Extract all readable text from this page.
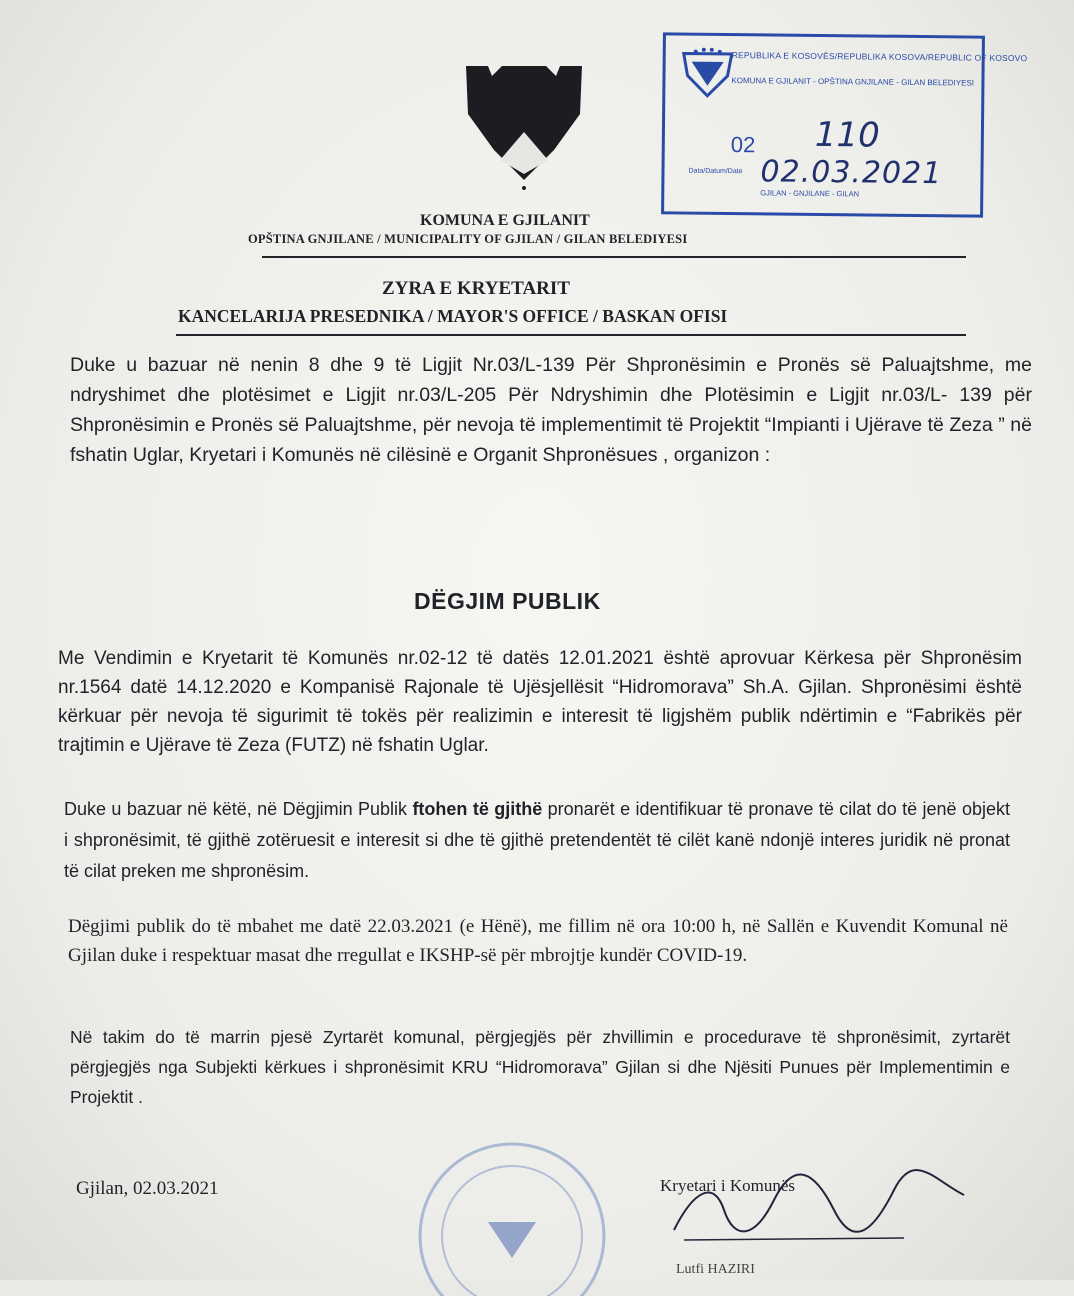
REPUBLIKA E KOSOVËS/REPUBLIKA KOSOVA/REPUBLIC OF KOSOVO
KOMUNA E GJILANIT - OPŠTINA GNJILANE - GILAN BELEDIYESI
02 110
Data/Datum/Date 02.03.2021
GJILAN - GNJILANE - GILAN
KOMUNA E GJILANIT
OPŠTINA GNJILANE / MUNICIPALITY OF GJILAN / GILAN BELEDIYESI
ZYRA E KRYETARIT
KANCELARIJA PRESEDNIKA / MAYOR'S OFFICE / BASKAN OFISI
Duke u bazuar në nenin 8 dhe 9 të Ligjit Nr.03/L-139 Për Shpronësimin e Pronës së Paluajtshme, me ndryshimet dhe plotësimet e Ligjit nr.03/L-205 Për Ndryshimin dhe Plotësimin e Ligjit nr.03/L- 139 për Shpronësimin e Pronës së Paluajtshme, për nevoja të implementimit të Projektit “Impianti i Ujërave të Zeza ” në fshatin Uglar, Kryetari i Komunës në cilësinë e Organit Shpronësues , organizon :
DËGJIM PUBLIK
Me Vendimin e Kryetarit të Komunës nr.02-12 të datës 12.01.2021 është aprovuar Kërkesa për Shpronësim nr.1564 datë 14.12.2020 e Kompanisë Rajonale të Ujësjellësit “Hidromorava” Sh.A. Gjilan. Shpronësimi është kërkuar për nevoja të sigurimit të tokës për realizimin e interesit të ligjshëm publik ndërtimin e “Fabrikës për trajtimin e Ujërave të Zeza (FUTZ) në fshatin Uglar.
Duke u bazuar në këtë, në Dëgjimin Publik ftohen të gjithë pronarët e identifikuar të pronave të cilat do të jenë objekt i shpronësimit, të gjithë zotëruesit e interesit si dhe të gjithë pretendentët të cilët kanë ndonjë interes juridik në pronat të cilat preken me shpronësim.
Dëgjimi publik do të mbahet me datë 22.03.2021 (e Hënë), me fillim në ora 10:00 h, në Sallën e Kuvendit Komunal në Gjilan duke i respektuar masat dhe rregullat e IKSHP-së për mbrojtje kundër COVID-19.
Në takim do të marrin pjesë Zyrtarët komunal, përgjegjës për zhvillimin e procedurave të shpronësimit, zyrtarët përgjegjës nga Subjekti kërkues i shpronësimit KRU “Hidromorava” Gjilan si dhe Njësiti Punues për Implementimin e Projektit .
Gjilan, 02.03.2021	Kryetari i Komunës
Lutfi HAZIRI
